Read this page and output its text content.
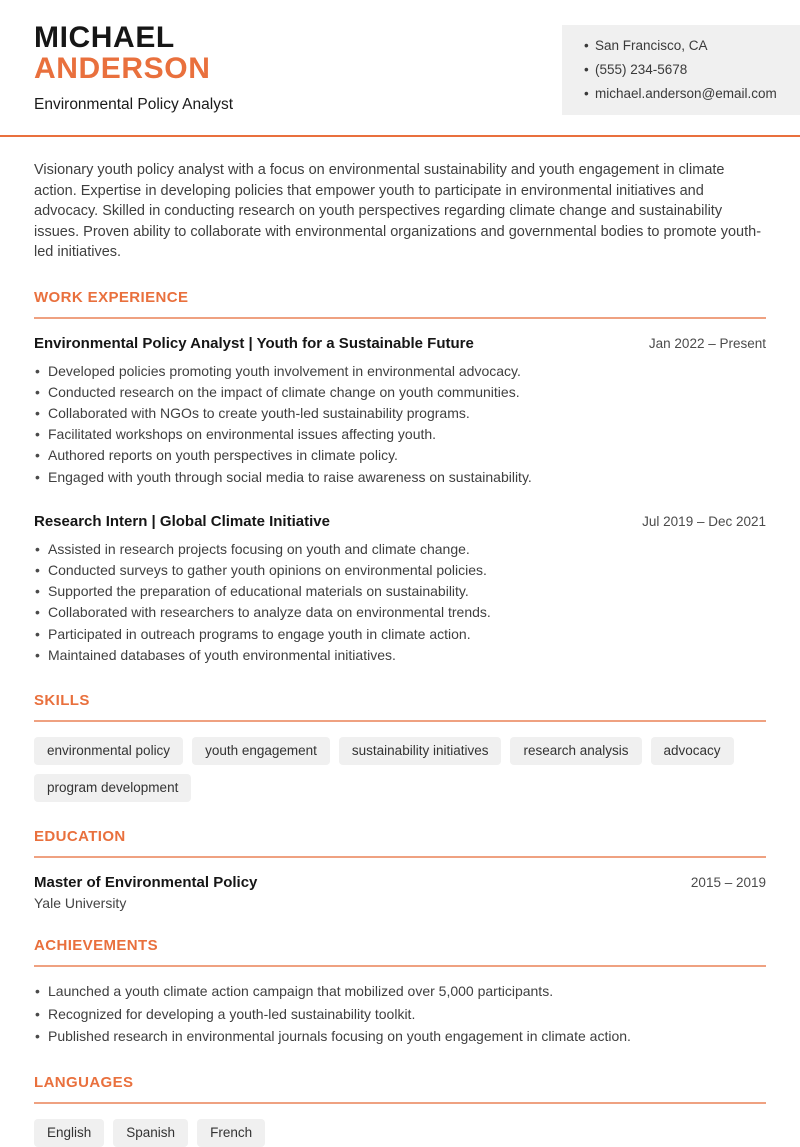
MICHAEL
ANDERSON
Environmental Policy Analyst
• San Francisco, CA
• (555) 234-5678
• michael.anderson@email.com

Visionary youth policy analyst with a focus on environmental sustainability and youth engagement in climate action. Expertise in developing policies that empower youth to participate in environmental initiatives and advocacy. Skilled in conducting research on youth perspectives regarding climate change and sustainability issues. Proven ability to collaborate with environmental organizations and governmental bodies to promote youth-led initiatives.

WORK EXPERIENCE
Environmental Policy Analyst | Youth for a Sustainable Future	Jan 2022 – Present
• Developed policies promoting youth involvement in environmental advocacy.
• Conducted research on the impact of climate change on youth communities.
• Collaborated with NGOs to create youth-led sustainability programs.
• Facilitated workshops on environmental issues affecting youth.
• Authored reports on youth perspectives in climate policy.
• Engaged with youth through social media to raise awareness on sustainability.
Research Intern | Global Climate Initiative	Jul 2019 – Dec 2021
• Assisted in research projects focusing on youth and climate change.
• Conducted surveys to gather youth opinions on environmental policies.
• Supported the preparation of educational materials on sustainability.
• Collaborated with researchers to analyze data on environmental trends.
• Participated in outreach programs to engage youth in climate action.
• Maintained databases of youth environmental initiatives.
SKILLS
environmental policy	youth engagement	sustainability initiatives	research analysis	advocacy
program development
EDUCATION
Master of Environmental Policy	2015 – 2019
Yale University
ACHIEVEMENTS
• Launched a youth climate action campaign that mobilized over 5,000 participants.
• Recognized for developing a youth-led sustainability toolkit.
• Published research in environmental journals focusing on youth engagement in climate action.
LANGUAGES
English	Spanish	French
